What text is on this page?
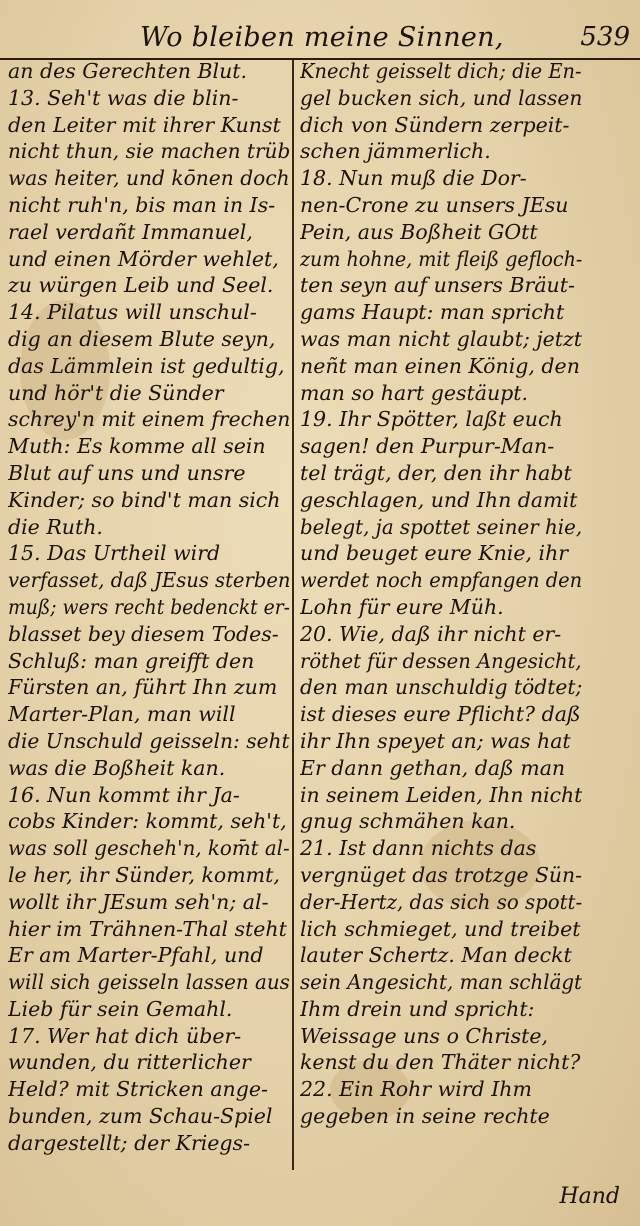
Wo bleiben meine Sinnen,	539
an des Gerechten Blut.
13. Seh't was die blin-
den Leiter mit ihrer Kunst
nicht thun, sie machen trüb
was heiter, und kōnen doch
nicht ruh'n, bis man in Is-
rael verdañt Immanuel,
und einen Mörder wehlet,
zu würgen Leib und Seel.
14. Pilatus will unschul-
dig an diesem Blute seyn,
das Lämmlein ist gedultig,
und hör't die Sünder
schrey'n mit einem frechen
Muth: Es komme all sein
Blut auf uns und unsre
Kinder; so bind't man sich
die Ruth.
15. Das Urtheil wird
verfasset, daß JEsus sterben
muß; wers recht bedenckt er-
blasset bey diesem Todes-
Schluß: man greifft den
Fürsten an, führt Ihn zum
Marter-Plan, man will
die Unschuld geisseln: seht
was die Boßheit kan.
16. Nun kommt ihr Ja-
cobs Kinder: kommt, seh't,
was soll gescheh'n, kom̄t al-
le her, ihr Sünder, kommt,
wollt ihr JEsum seh'n; al-
hier im Trähnen-Thal steht
Er am Marter-Pfahl, und
will sich geisseln lassen aus
Lieb für sein Gemahl.
17. Wer hat dich über-
wunden, du ritterlicher
Held? mit Stricken ange-
bunden, zum Schau-Spiel
dargestellt; der Kriegs-
Knecht geisselt dich; die En-
gel bucken sich, und lassen
dich von Sündern zerpeit-
schen jämmerlich.
18. Nun muß die Dor-
nen-Crone zu unsers JEsu
Pein, aus Boßheit GOtt
zum hohne, mit fleiß gefloch-
ten seyn auf unsers Bräut-
gams Haupt: man spricht
was man nicht glaubt; jetzt
neñt man einen König, den
man so hart gestäupt.
19. Ihr Spötter, laßt euch
sagen! den Purpur-Man-
tel trägt, der, den ihr habt
geschlagen, und Ihn damit
belegt, ja spottet seiner hie,
und beuget eure Knie, ihr
werdet noch empfangen den
Lohn für eure Müh.
20. Wie, daß ihr nicht er-
röthet für dessen Angesicht,
den man unschuldig tödtet;
ist dieses eure Pflicht? daß
ihr Ihn speyet an; was hat
Er dann gethan, daß man
in seinem Leiden, Ihn nicht
gnug schmähen kan.
21. Ist dann nichts das
vergnüget das trotzge Sün-
der-Hertz, das sich so spott-
lich schmieget, und treibet
lauter Schertz. Man deckt
sein Angesicht, man schlägt
Ihm drein und spricht:
Weissage uns o Christe,
kenst du den Thäter nicht?
22. Ein Rohr wird Ihm
gegeben in seine rechte
Hand
